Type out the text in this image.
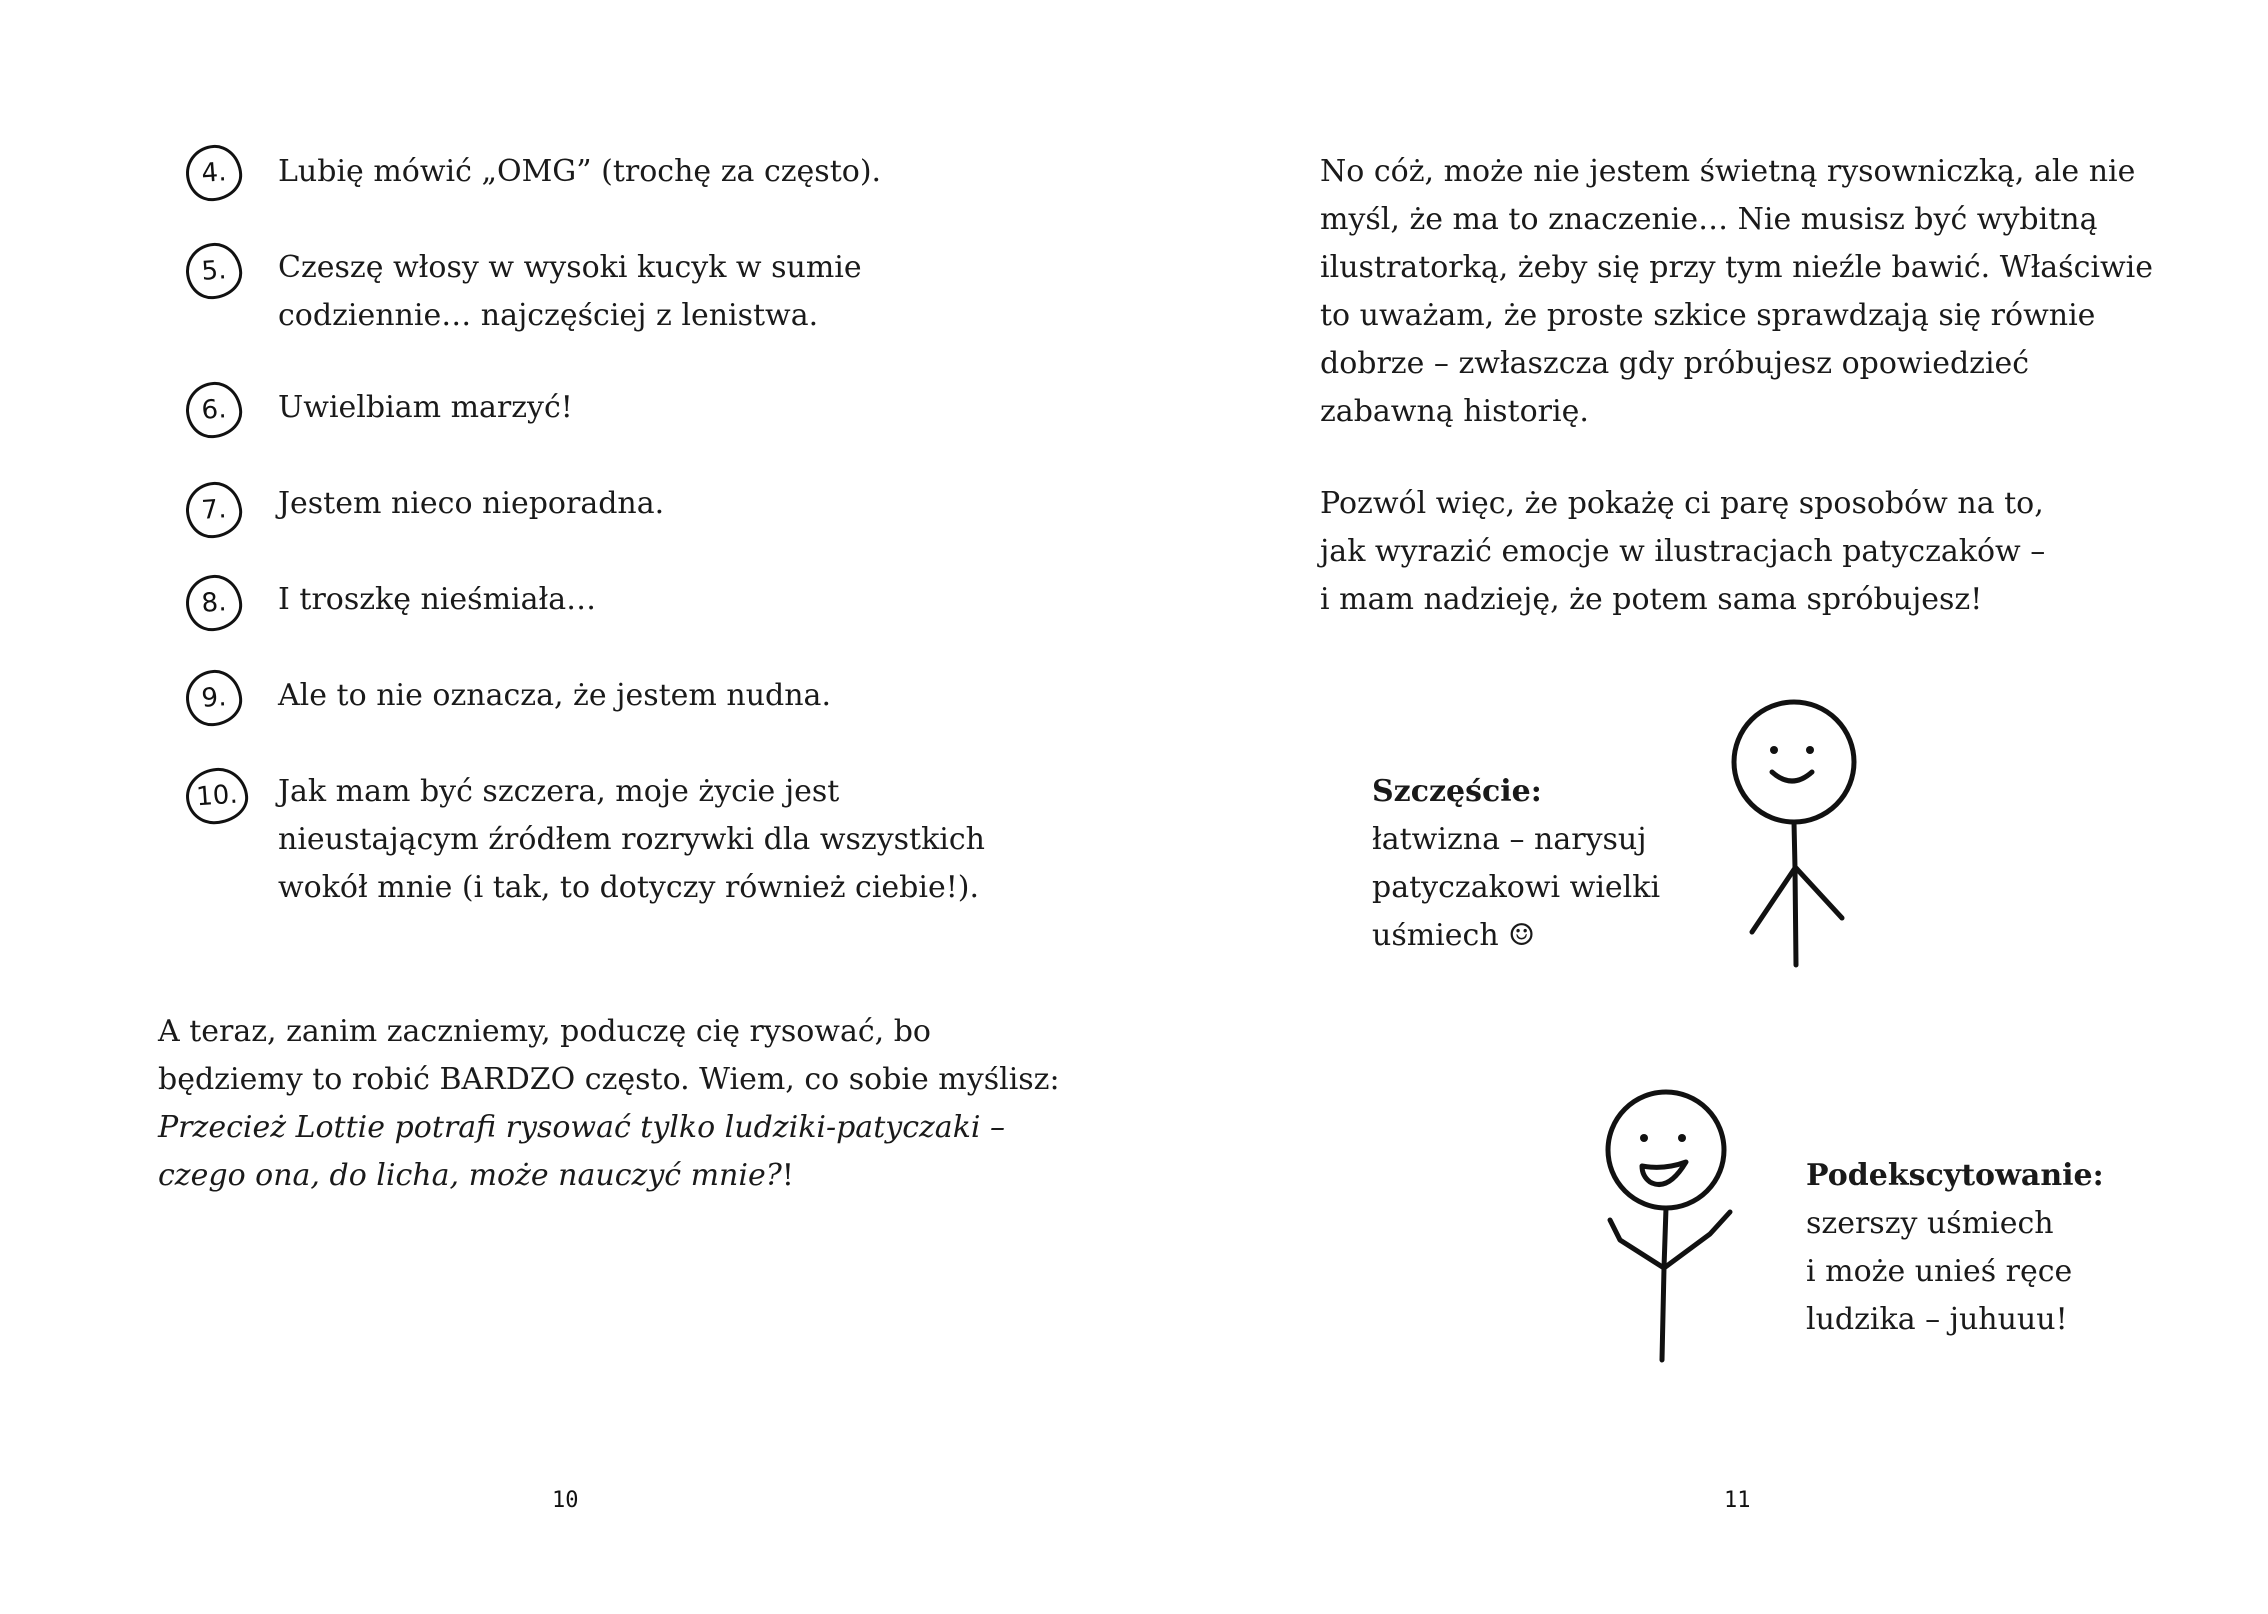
4.	Lubię mówić „OMG” (trochę za często).

5.	Czeszę włosy w wysoki kucyk w sumie
codziennie… najczęściej z lenistwa.

6.	Uwielbiam marzyć!

7.	Jestem nieco nieporadna.

8.	I troszkę nieśmiała…

9.	Ale to nie oznacza, że jestem nudna.

10.	Jak mam być szczera, moje życie jest
nieustającym źródłem rozrywki dla wszystkich
wokół mnie (i tak, to dotyczy również ciebie!).

A teraz, zanim zaczniemy, poduczę cię rysować, bo
będziemy to robić BARDZO często. Wiem, co sobie myślisz:
Przecież Lottie potrafi rysować tylko ludziki-patyczaki –
czego ona, do licha, może nauczyć mnie?!

10

No cóż, może nie jestem świetną rysowniczką, ale nie
myśl, że ma to znaczenie… Nie musisz być wybitną
ilustratorką, żeby się przy tym nieźle bawić. Właściwie
to uważam, że proste szkice sprawdzają się równie
dobrze – zwłaszcza gdy próbujesz opowiedzieć
zabawną historię.

Pozwól więc, że pokażę ci parę sposobów na to,
jak wyrazić emocje w ilustracjach patyczaków –
i mam nadzieję, że potem sama spróbujesz!

Szczęście:
łatwizna – narysuj
patyczakowi wielki
uśmiech ☺

Podekscytowanie:
szerszy uśmiech
i może unieś ręce
ludzika – juhuuu!

11
